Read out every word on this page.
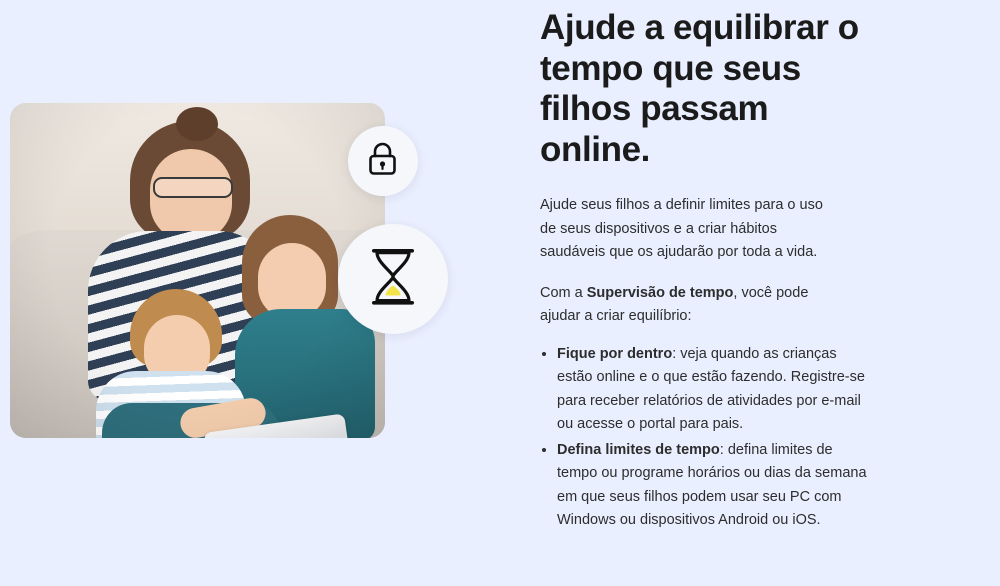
Ajude a equilibrar o tempo que seus filhos passam online.

Ajude seus filhos a definir limites para o uso de seus dispositivos e a criar hábitos saudáveis que os ajudarão por toda a vida.

Com a Supervisão de tempo, você pode ajudar a criar equilíbrio:

• Fique por dentro: veja quando as crianças estão online e o que estão fazendo. Registre-se para receber relatórios de atividades por e-mail ou acesse o portal para pais.
• Defina limites de tempo: defina limites de tempo ou programe horários ou dias da semana em que seus filhos podem usar seu PC com Windows ou dispositivos Android ou iOS.
